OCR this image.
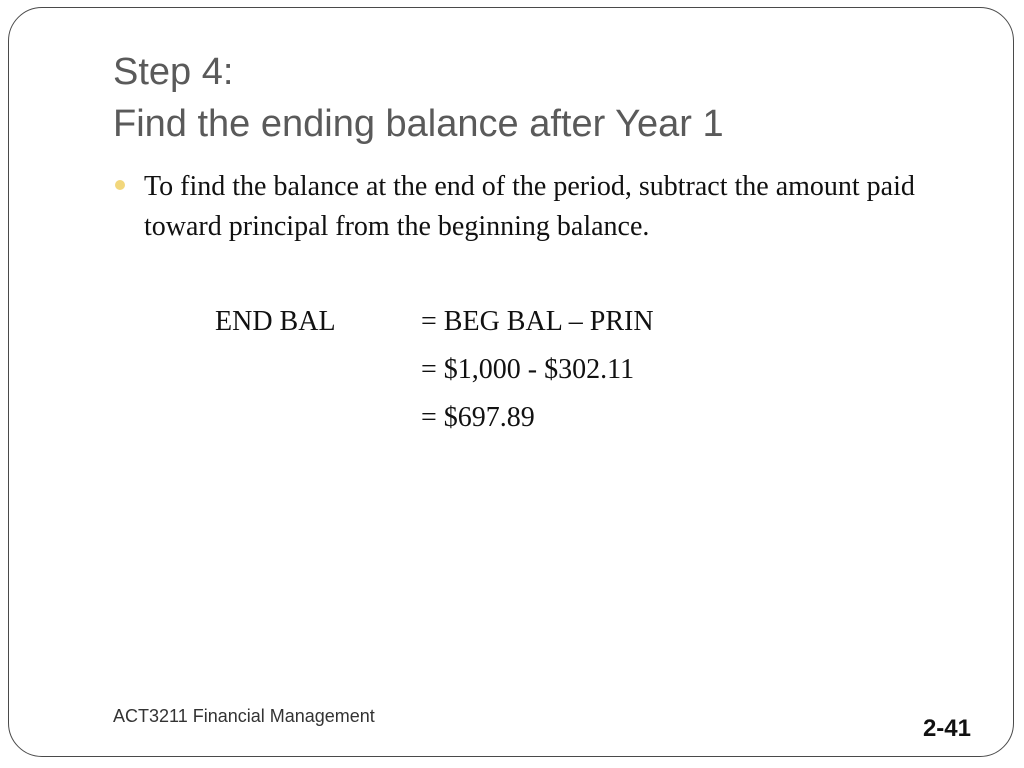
Step 4:
Find the ending balance after Year 1

To find the balance at the end of the period, subtract the amount paid toward principal from the beginning balance.

END BAL	= BEG BAL – PRIN
= $1,000 - $302.11
= $697.89
ACT3211 Financial Management	2-41
